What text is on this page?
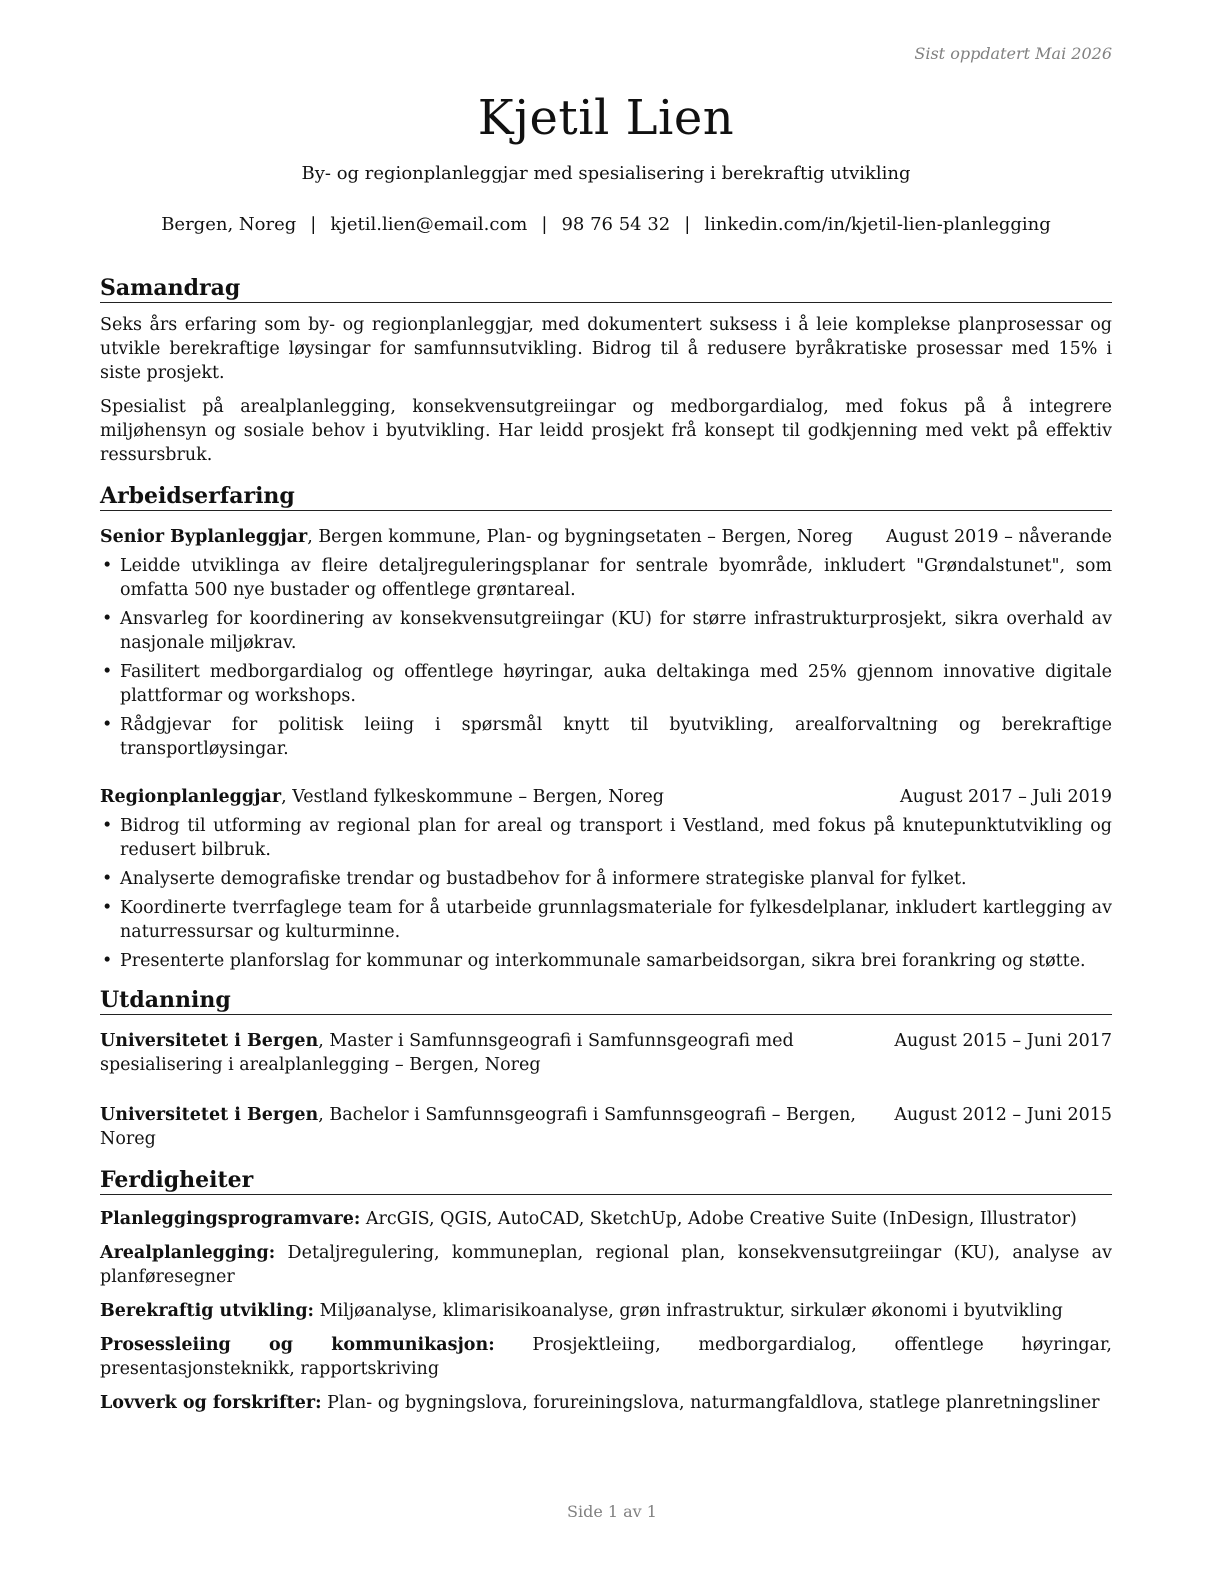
Sist oppdatert Mai 2026
Kjetil Lien
By- og regionplanleggjar med spesialisering i berekraftig utvikling
Bergen, Noreg | kjetil.lien@email.com | 98 76 54 32 | linkedin.com/in/kjetil-lien-planlegging
Samandrag

Seks års erfaring som by- og regionplanleggjar, med dokumentert suksess i å leie komplekse planprosessar og utvikle berekraftige løysingar for samfunnsutvikling. Bidrog til å redusere byråkratiske prosessar med 15% i siste prosjekt.

Spesialist på arealplanlegging, konsekvensutgreiingar og medborgardialog, med fokus på å integrere miljøhensyn og sosiale behov i byutvikling. Har leidd prosjekt frå konsept til godkjenning med vekt på effektiv ressursbruk.

Arbeidserfaring
Senior Byplanleggjar, Bergen kommune, Plan- og bygningsetaten – Bergen, Noreg	August 2019 – nåverande
• Leidde utviklinga av fleire detaljreguleringsplanar for sentrale byområde, inkludert "Grøndalstunet", som omfatta 500 nye bustader og offentlege grøntareal.
• Ansvarleg for koordinering av konsekvensutgreiingar (KU) for større infrastrukturprosjekt, sikra overhald av nasjonale miljøkrav.
• Fasilitert medborgardialog og offentlege høyringar, auka deltakinga med 25% gjennom innovative digitale plattformar og workshops.
• Rådgjevar for politisk leiing i spørsmål knytt til byutvikling, arealforvaltning og berekraftige transportløysingar.
Regionplanleggjar, Vestland fylkeskommune – Bergen, Noreg	August 2017 – Juli 2019
• Bidrog til utforming av regional plan for areal og transport i Vestland, med fokus på knutepunktutvikling og redusert bilbruk.
• Analyserte demografiske trendar og bustadbehov for å informere strategiske planval for fylket.
• Koordinerte tverrfaglege team for å utarbeide grunnlagsmateriale for fylkesdelplanar, inkludert kartlegging av naturressursar og kulturminne.
• Presenterte planforslag for kommunar og interkommunale samarbeidsorgan, sikra brei forankring og støtte.
Utdanning
Universitetet i Bergen, Master i Samfunnsgeografi i Samfunnsgeografi med spesialisering i arealplanlegging – Bergen, Noreg
August 2015 – Juni 2017
Universitetet i Bergen, Bachelor i Samfunnsgeografi i Samfunnsgeografi – Bergen, Noreg
August 2012 – Juni 2015
Ferdigheiter
Planleggingsprogramvare: ArcGIS, QGIS, AutoCAD, SketchUp, Adobe Creative Suite (InDesign, Illustrator)
Arealplanlegging: Detaljregulering, kommuneplan, regional plan, konsekvensutgreiingar (KU), analyse av planføresegner
Berekraftig utvikling: Miljøanalyse, klimarisikoanalyse, grøn infrastruktur, sirkulær økonomi i byutvikling
Prosessleiing og kommunikasjon: Prosjektleiing, medborgardialog, offentlege høyringar, presentasjonsteknikk, rapportskriving
Lovverk og forskrifter: Plan- og bygningslova, forureiningslova, naturmangfaldlova, statlege planretningsliner
Side 1 av 1
